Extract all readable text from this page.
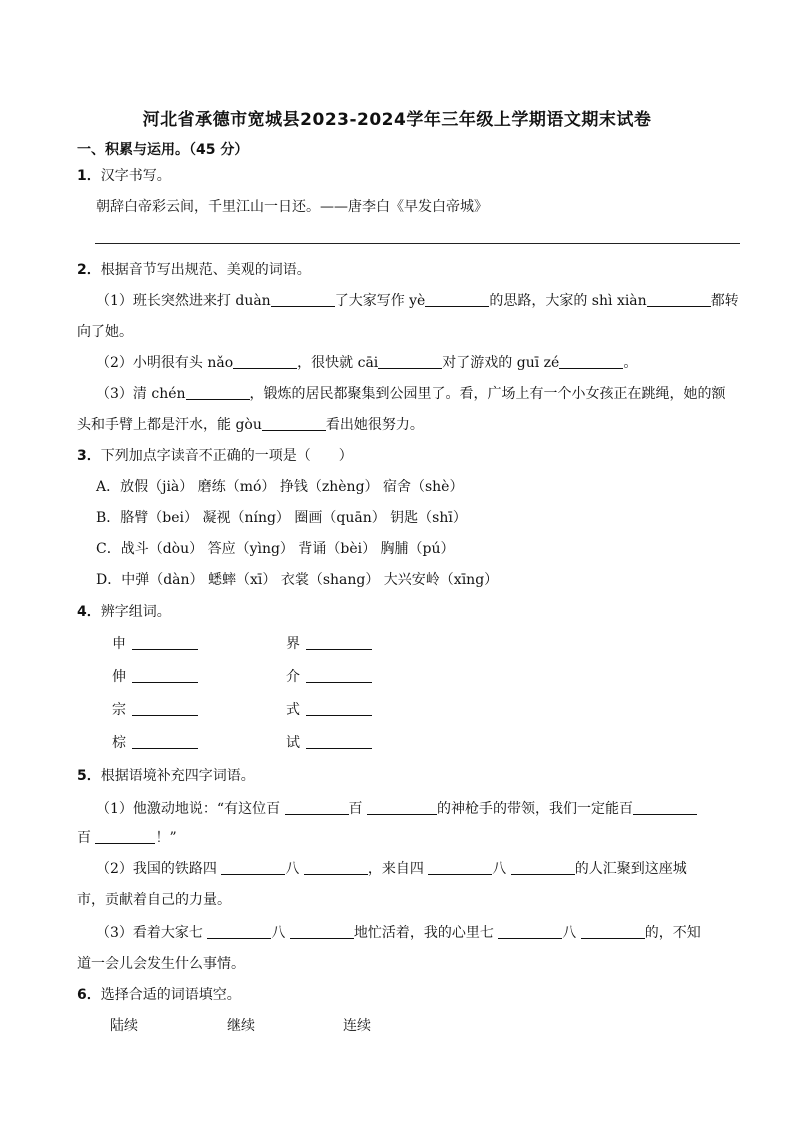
河北省承德市宽城县2023-2024学年三年级上学期语文期末试卷
一、积累与运用。（45 分）
1．汉字书写。
朝辞白帝彩云间，千里江山一日还。——唐李白《早发白帝城》
2．根据音节写出规范、美观的词语。
（1）班长突然进来打 duàn	了大家写作 yè	的思路，大家的 shì xiàn	都转
向了她。
（2）小明很有头 nǎo	，很快就 cāi	对了游戏的 guī zé	。
（3）清 chén	，锻炼的居民都聚集到公园里了。看，广场上有一个小女孩正在跳绳，她的额
头和手臂上都是汗水，能 gòu	看出她很努力。
3．下列加点字读音不正确的一项是（　　）
A．放假（jià） 磨练（mó） 挣钱（zhèng） 宿舍（shè）
B．胳臂（bei） 凝视（níng） 圈画（quān） 钥匙（shī）
C．战斗（dòu） 答应（yìng） 背诵（bèi） 胸脯（pú）
D．中弹（dàn） 蟋蟀（xī） 衣裳（shang） 大兴安岭（xīng）
4．辨字组词。
申	界
伸	介
宗	式
棕	试
5．根据语境补充四字词语。
（1）他激动地说：“有这位百	百	的神枪手的带领，我们一定能百
百	！”
（2）我国的铁路四	八	，来自四	八	的人汇聚到这座城
市，贡献着自己的力量。
（3）看着大家七	八	地忙活着，我的心里七	八	的，不知
道一会儿会发生什么事情。
6．选择合适的词语填空。
陆续	继续	连续
